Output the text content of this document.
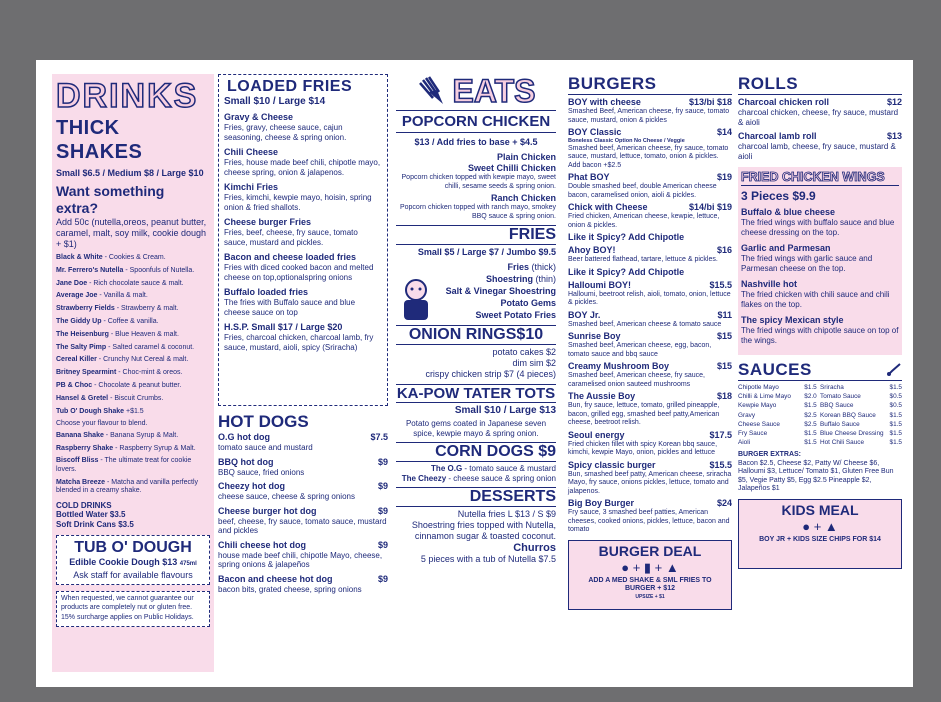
DRINKS
THICK SHAKES
Small $6.5 / Medium $8 / Large $10
Want something extra?
Add 50c (nutella,oreos, peanut butter, caramel, malt, soy milk, cookie dough + $1)
Black & White - Cookies & Cream.
Mr. Ferrero's Nutella - Spoonfuls of Nutella.
Jane Doe - Rich chocolate sauce & malt.
Average Joe - Vanilla & malt.
Strawberry Fields - Strawberry & malt.
The Giddy Up - Coffee & vanilla.
The Heisenburg - Blue Heaven & malt.
The Salty Pimp - Salted caramel & coconut.
Cereal Killer - Crunchy Nut Cereal & malt.
Britney Spearmint - Choc-mint & oreos.
PB & Choc - Chocolate & peanut butter.
Hansel & Gretel - Biscuit Crumbs.
Tub O' Dough Shake +$1.5
Choose your flavour to blend.
Banana Shake - Banana Syrup & Malt.
Raspberry Shake - Raspberry Syrup & Malt.
Biscoff Bliss - The ultimate treat for cookie lovers.
Matcha Breeze - Matcha and vanilla perfectly blended in a creamy shake.
COLD DRINKS
Bottled Water $3.5
Soft Drink Cans $3.5
TUB O' DOUGH
Edible Cookie Dough $13 475ml
Ask staff for available flavours
When requested, we cannot guarantee our products are completely nut or gluten free.
15% surcharge applies on Public Holidays.
LOADED FRIES
Small $10 / Large $14
Gravy & Cheese
Fries, gravy, cheese sauce, cajun seasoning, cheese & spring onion.
Chili Cheese
Fries, house made beef chili, chipotle mayo, cheese spring, onion & jalapenos.
Kimchi Fries
Fries, kimchi, kewpie mayo, hoisin, spring onion & fried shallots.
Cheese burger Fries
Fries, beef, cheese, fry sauce, tomato sauce, mustard and pickles.
Bacon and cheese loaded fries
Fries with diced cooked bacon and melted cheese on top,optionalspring onions
Buffalo loaded fries
The fries with Buffalo sauce and blue cheese sauce on top
H.S.P. Small $17 / Large $20
Fries, charcoal chicken, charcoal lamb, fry sauce, mustard, aioli, spicy (Sriracha)
HOT DOGS
O.G hot dog	$7.5
tomato sauce and mustard
BBQ hot dog	$9
BBQ sauce, fried onions
Cheezy hot dog	$9
cheese sauce, cheese & spring onions
Cheese burger hot dog	$9
beef, cheese, fry sauce, tomato sauce, mustard and pickles
Chili cheese hot dog	$9
house made beef chili, chipotle Mayo, cheese, spring onions & jalapeños
Bacon and cheese hot dog	$9
bacon bits, grated cheese, spring onions
EATS
POPCORN CHICKEN
$13 / Add fries to base + $4.5
Plain Chicken
Sweet Chilli Chicken
Popcorn chicken topped with kewpie mayo, sweet chilli, sesame seeds & spring onion.
Ranch Chicken
Popcorn chicken topped with ranch mayo, smokey BBQ sauce & spring onion.
FRIES
Small $5 / Large $7 / Jumbo $9.5
Fries (thick)
Shoestring (thin)
Salt & Vinegar Shoestring
Potato Gems
Sweet Potato Fries
ONION RINGS$10
potato cakes $2
dim sim $2
crispy chicken strip $7 (4 pieces)
KA-POW TATER TOTS
Small $10 / Large $13
Potato gems coated in Japanese seven spice, kewpie mayo & spring onion.
CORN DOGS $9
The O.G - tomato sauce & mustard
The Cheezy - cheese sauce & spring onion
DESSERTS
Nutella fries L $13 / S $9
Shoestring fries topped with Nutella, cinnamon sugar & toasted coconut.
Churros
5 pieces with a tub of Nutella $7.5
BURGERS
BOY with cheese	$13/bi $18
Smashed Beef, American cheese, fry sauce, tomato sauce, mustard, onion & pickles
BOY Classic	$14
Boneless Classic Option No Cheese / Veggie
Smashed beef, American cheese, fry sauce, tomato sauce, mustard, lettuce, tomato, onion & pickles. Add bacon +$2.5
Phat BOY	$19
Double smashed beef, double American cheese bacon, caramelised onion, aioli & pickles.
Chick with Cheese	$14/bi $19
Fried chicken, American cheese, kewpie, lettuce, onion & pickles.
Like it Spicy? Add Chipotle
Ahoy BOY!	$16
Beer battered flathead, tartare, lettuce & pickles.
Like it Spicy? Add Chipotle
Halloumi BOY!	$15.5
Halloumi, beetroot relish, aioli, tomato, onion, lettuce & pickles.
BOY Jr.	$11
Smashed beef, American cheese & tomato sauce
Sunrise Boy	$15
Smashed beef, American cheese, egg, bacon, tomato sauce and bbq sauce
Creamy Mushroom Boy	$15
Smashed beef, American cheese, fry sauce, caramelised onion sauteed mushrooms
The Aussie Boy	$18
Bun, fry sauce, lettuce, tomato, grilled pineapple, bacon, grilled egg, smashed beef patty,American cheese, beetroot relish.
Seoul energy	$17.5
Fried chicken fillet with spicy Korean bbq sauce, kimchi, kewpie Mayo, onion, pickles and lettuce
Spicy classic burger	$15.5
Bun, smashed beef patty, American cheese, sriracha Mayo, fry sauce, onions pickles, lettuce, tomato and jalapenos.
Big Boy Burger	$24
Fry sauce, 3 smashed beef patties, American cheeses, cooked onions, pickles, lettuce, bacon and tomato
BURGER DEAL
● + ▮ + ▲
ADD A MED SHAKE & SML FRIES TO BURGER + $12
UPSIZE + $1
ROLLS
Charcoal chicken roll	$12
charcoal chicken, cheese, fry sauce, mustard & aioli
Charcoal lamb roll	$13
charcoal lamb, cheese, fry sauce, mustard & aioli
FRIED CHICKEN WINGS
3 Pieces $9.9
Buffalo & blue cheese
The fried wings with buffalo sauce and blue cheese dressing on the top.
Garlic and Parmesan
The fried wings with garlic sauce and Parmesan cheese on the top.
Nashville hot
The fried chicken with chili sauce and chili flakes on the top.
The spicy Mexican style
The fried wings with chipotle sauce on top of the wings.
SAUCES
Chipotle Mayo	$1.5 Sriracha	$1.5
Chilli & Lime Mayo $2.0 Tomato Sauce	$0.5
Kewpie Mayo	$1.5 BBQ Sauce	$0.5
Gravy	$2.5 Korean BBQ Sauce $1.5
Cheese Sauce	$2.5 Buffalo Sauce	$1.5
Fry Sauce	$1.5 Blue Cheese Dressing $1.5
Aioli	$1.5 Hot Chili Sauce	$1.5
BURGER EXTRAS:
Bacon $2.5, Cheese $2, Patty W/ Cheese $6, Halloumi $3, Lettuce/ Tomato $1, Gluten Free Bun $5, Vegie Patty $5, Egg $2.5 Pineapple $2, Jalapeños $1
KIDS MEAL
● + ▲
BOY JR + KIDS SIZE CHIPS FOR $14
